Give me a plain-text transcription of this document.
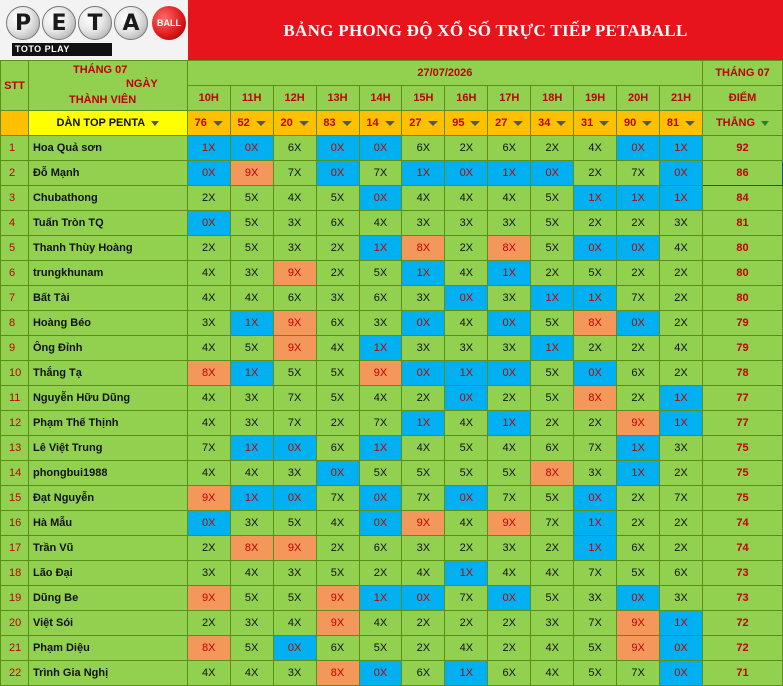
P E T A	BALL
TOTO PLAY
BẢNG PHONG ĐỘ XỔ SỐ TRỰC TIẾP PETABALL
STT	THÁNG 07
NGÀY
THÀNH VIÊN	27/07/2026												THÁNG 07
		10H	11H	12H	13H	14H	15H	16H	17H	18H	19H	20H	21H	ĐIỂM
	DÀN TOP PENTA	76	52	20	83	14	27	95	27	34	31	90	81	THẮNG
1	Hoa Quả sơn	1X	0X	6X	0X	0X	6X	2X	6X	2X	4X	0X	1X	92
2	Đỗ Mạnh	0X	9X	7X	0X	7X	1X	0X	1X	0X	2X	7X	0X	86
3	Chubathong	2X	5X	4X	5X	0X	4X	4X	4X	5X	1X	1X	1X	84
4	Tuấn Tròn TQ	0X	5X	3X	6X	4X	3X	3X	3X	5X	2X	2X	3X	81
5	Thanh Thùy Hoàng	2X	5X	3X	2X	1X	8X	2X	8X	5X	0X	0X	4X	80
6	trungkhunam	4X	3X	9X	2X	5X	1X	4X	1X	2X	5X	2X	2X	80
7	Bất Tài	4X	4X	6X	3X	6X	3X	0X	3X	1X	1X	7X	2X	80
8	Hoàng Béo	3X	1X	9X	6X	3X	0X	4X	0X	5X	8X	0X	2X	79
9	Ông Đỉnh	4X	5X	9X	4X	1X	3X	3X	3X	1X	2X	2X	4X	79
10	Thắng Tạ	8X	1X	5X	5X	9X	0X	1X	0X	5X	0X	6X	2X	78
11	Nguyễn Hữu Dũng	4X	3X	7X	5X	4X	2X	0X	2X	5X	8X	2X	1X	77
12	Phạm Thế Thịnh	4X	3X	7X	2X	7X	1X	4X	1X	2X	2X	9X	1X	77
13	Lê Việt Trung	7X	1X	0X	6X	1X	4X	5X	4X	6X	7X	1X	3X	75
14	phongbui1988	4X	4X	3X	0X	5X	5X	5X	5X	8X	3X	1X	2X	75
15	Đạt Nguyễn	9X	1X	0X	7X	0X	7X	0X	7X	5X	0X	2X	7X	75
16	Hà Mẫu	0X	3X	5X	4X	0X	9X	4X	9X	7X	1X	2X	2X	74
17	Trần Vũ	2X	8X	9X	2X	6X	3X	2X	3X	2X	1X	6X	2X	74
18	Lão Đại	3X	4X	3X	5X	2X	4X	1X	4X	4X	7X	5X	6X	73
19	Dũng Be	9X	5X	5X	9X	1X	0X	7X	0X	5X	3X	0X	3X	73
20	Việt Sói	2X	3X	4X	9X	4X	2X	2X	2X	3X	7X	9X	1X	72
21	Phạm Diệu	8X	5X	0X	6X	5X	2X	4X	2X	4X	5X	9X	0X	72
22	Trình Gia Nghị	4X	4X	3X	8X	0X	6X	1X	6X	4X	5X	7X	0X	71
